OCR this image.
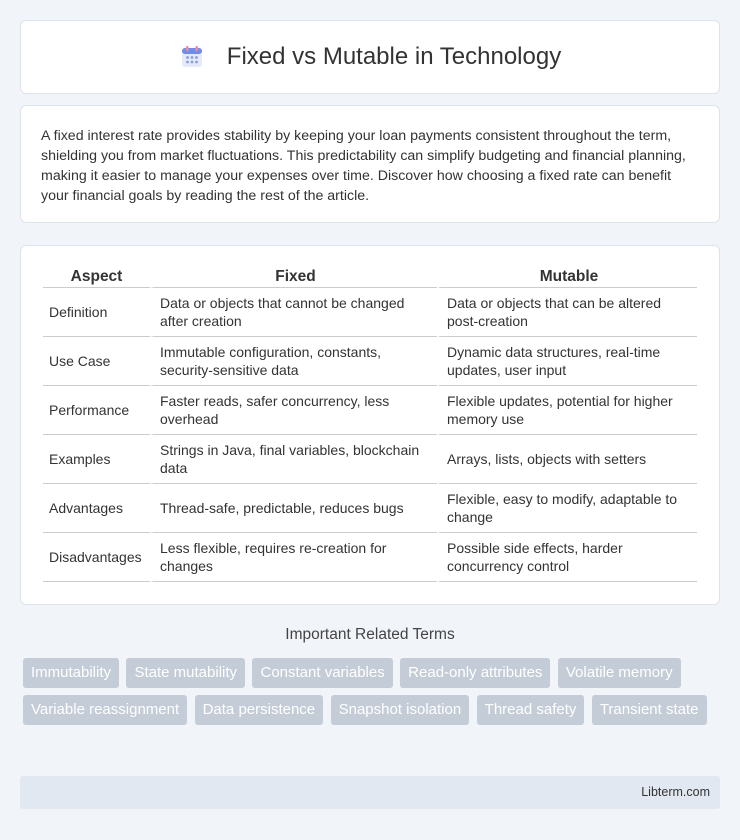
Fixed vs Mutable in Technology

A fixed interest rate provides stability by keeping your loan payments consistent throughout the term, shielding you from market fluctuations. This predictability can simplify budgeting and financial planning, making it easier to manage your expenses over time. Discover how choosing a fixed rate can benefit your financial goals by reading the rest of the article.

Aspect	Fixed	Mutable
Definition	Data or objects that cannot be changed after creation	Data or objects that can be altered post-creation
Use Case	Immutable configuration, constants, security-sensitive data	Dynamic data structures, real-time updates, user input
Performance	Faster reads, safer concurrency, less overhead	Flexible updates, potential for higher memory use
Examples	Strings in Java, final variables, blockchain data	Arrays, lists, objects with setters
Advantages	Thread-safe, predictable, reduces bugs	Flexible, easy to modify, adaptable to change
Disadvantages	Less flexible, requires re-creation for changes	Possible side effects, harder concurrency control
Important Related Terms
Immutability State mutability Constant variables Read-only attributes Volatile memory Variable reassignment Data persistence Snapshot isolation Thread safety Transient state
Libterm.com
